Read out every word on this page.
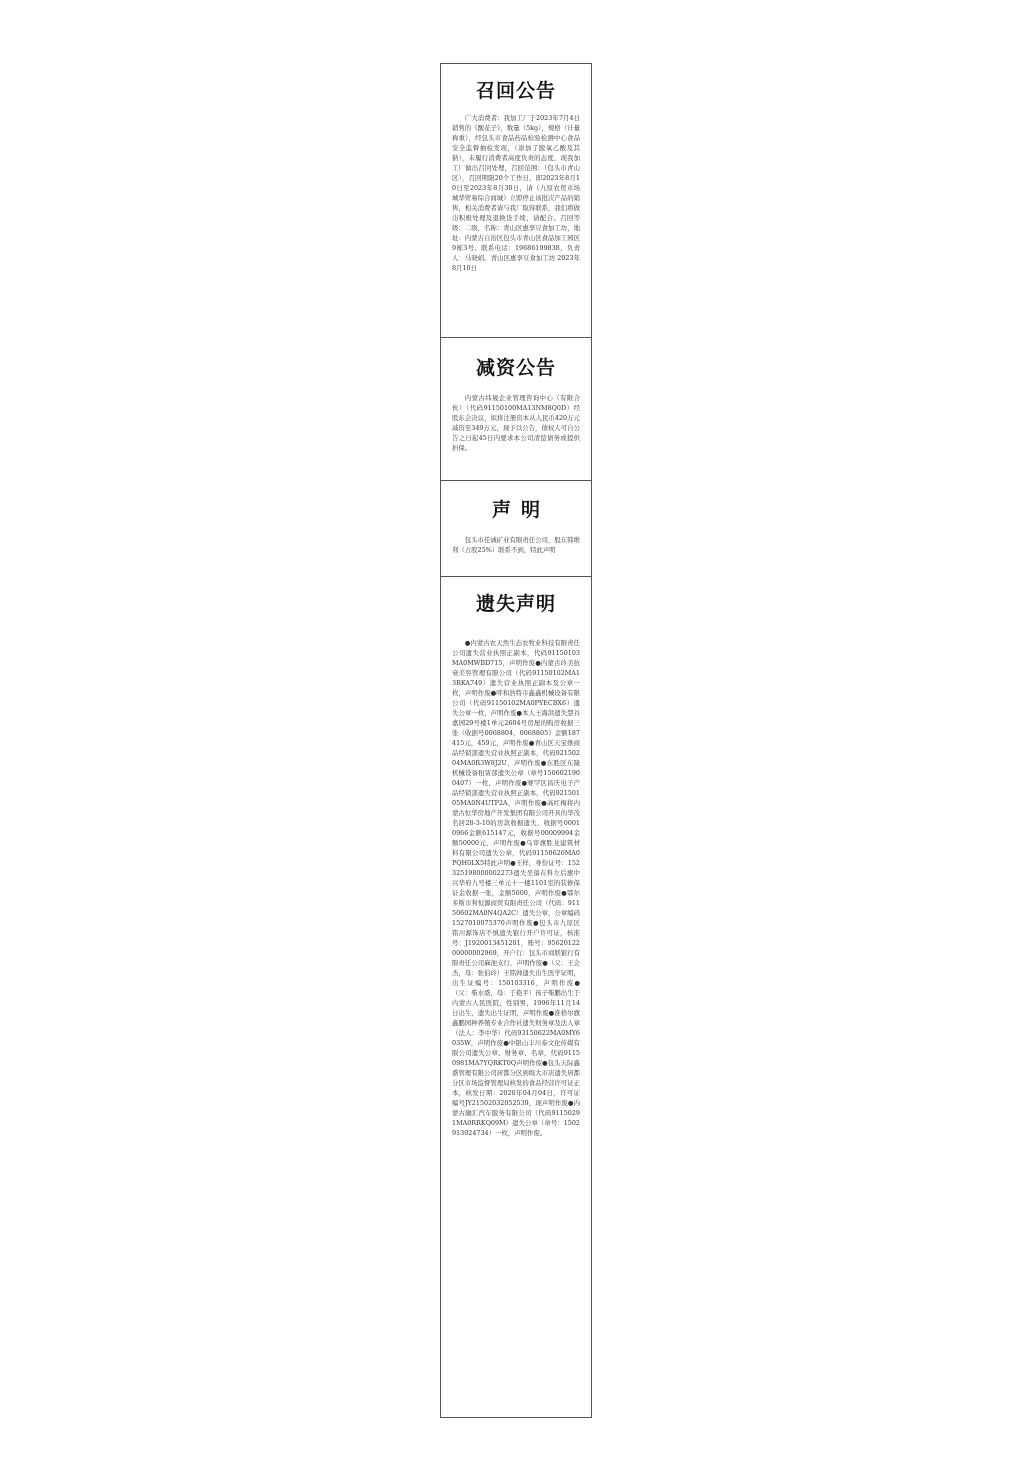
召回公告

广大消费者：我加工厂于2023年7月4日销售的《酸花子》，数量（5kg），规格（计量称重），经包头市食品药品检验检测中心食品安全监督抽检发现，（添加了脱氧乙酸及其钠），未履行消费者高度负责的态度，现我加工厂做出召回处理，召回范围：（包头市青山区），召回期限20个工作日，即2023年8月10日至2023年8月30日，请（九原农贸市场城华贸易综合商城）立即停止该批次产品的销售，相关消费者请与我厂取得联系，我们将做出积极处理及退换货手续，请配合。召回等级：二级，名称：青山区惠享豆食加工坊，地址：内蒙古自治区包头市青山区食品加工园区9栋3号。联系电话：19686199838，负责人：马晓娟。青山区惠享豆食加工坊 2023年8月10日

减资公告

内蒙古纬晟企业管理咨询中心（有限合伙）（代码91150100MA13NM8Q0D）经股东会决议，拟将注册资本从人民币420万元减资至349万元，现予以公告，债权人可自公告之日起45日内要求本公司清偿债务或提供担保。

声明

包头市佳诚矿业有限责任公司，股东韩维利（占股25%）联系不到，特此声明

遗失声明

●内蒙古农天然生态农牧业科技有限责任公司遗失营业执照正副本，代码91150103MA0MWBD715，声明作废●内蒙古玲美抗衰美容管理有限公司（代码91150102MA13RKA749）遗失营业执照正副本及公章一枚，声明作废●呼和浩特市鑫鑫机械设备有限公司（代码91150102MA0PYECBX6）遗失公章一枚，声明作废●本人王海洪遗失慧谷嘉园29号楼1单元2604号房屋的购房收据三张（收据号0068804，0068805）金额187415元，459元，声明作废●青山区天宝维商品经销部遗失营业执照正副本，代码92150204MA0R3W8J2U，声明作废●东胜区东隆机械设备租赁部遗失公章（章号1506021900407）一枚，声明作废●赛罕区昌庆电子产品经销部遗失营业执照正副本，代码92150105MA0N4UTP2A，声明作废●高红梅将内蒙古恒华房地产开发集团有限公司开具的华茂名居28-3-10的房款收据遗失，收据号00010966金额615147元，收据号00009994金额50000元，声明作废●乌审旗胜龙建筑材料有限公司遗失公章，代码91150626MA0PQH0LX5特此声明●王样，身份证号：152325198000002273遗失坐落在科左后旗中兴华府九号楼三单元十一楼1101室的装修保证金收据一张，金额5000，声明作废●鄂尔多斯市利恒源商贸有限责任公司（代码：91150602MA0N4QA2C）遗失公章，公章编码1527010075370声明作废●包头市九原区铭川源饰店不慎遗失银行开户许可证，核准号：J1920013451201，账号：9562012200000002969，开户行：包头市商联银行有限责任公司麻池支行，声明作废●（父：王会杰，母：张伯玲）王铭帅遗失出生医学证明，出生证编号：150103316，声明作废●（父：柴水盛，母：于艳平）孩子柴鹏出生于内蒙古人民医院，性别男，1996年11月14日出生，遗失出生证明，声明作废●准格尔旗鑫鹏园种养殖专业合作社遗失财务章及法人章（法人：李中华）代码93150622MA0MY6035W，声明作废●中银山丰川泰文化传媒有限公司遗失公章、财务章、名章，代码91150981MA7YQRKT0Q声明作废●包头天际鑫盛管理有限公司居都分区到缤大市店遗失居都分区市场监督管理局核发的食品经营许可证正本，核发日期：2020年04月04日，许可证编号JY21502032052539，现声明作废●内蒙古融汇汽车服务有限公司（代码91150291MA0RRKQ09M）遗失公章（章号：1502913024734）一枚，声明作废。
